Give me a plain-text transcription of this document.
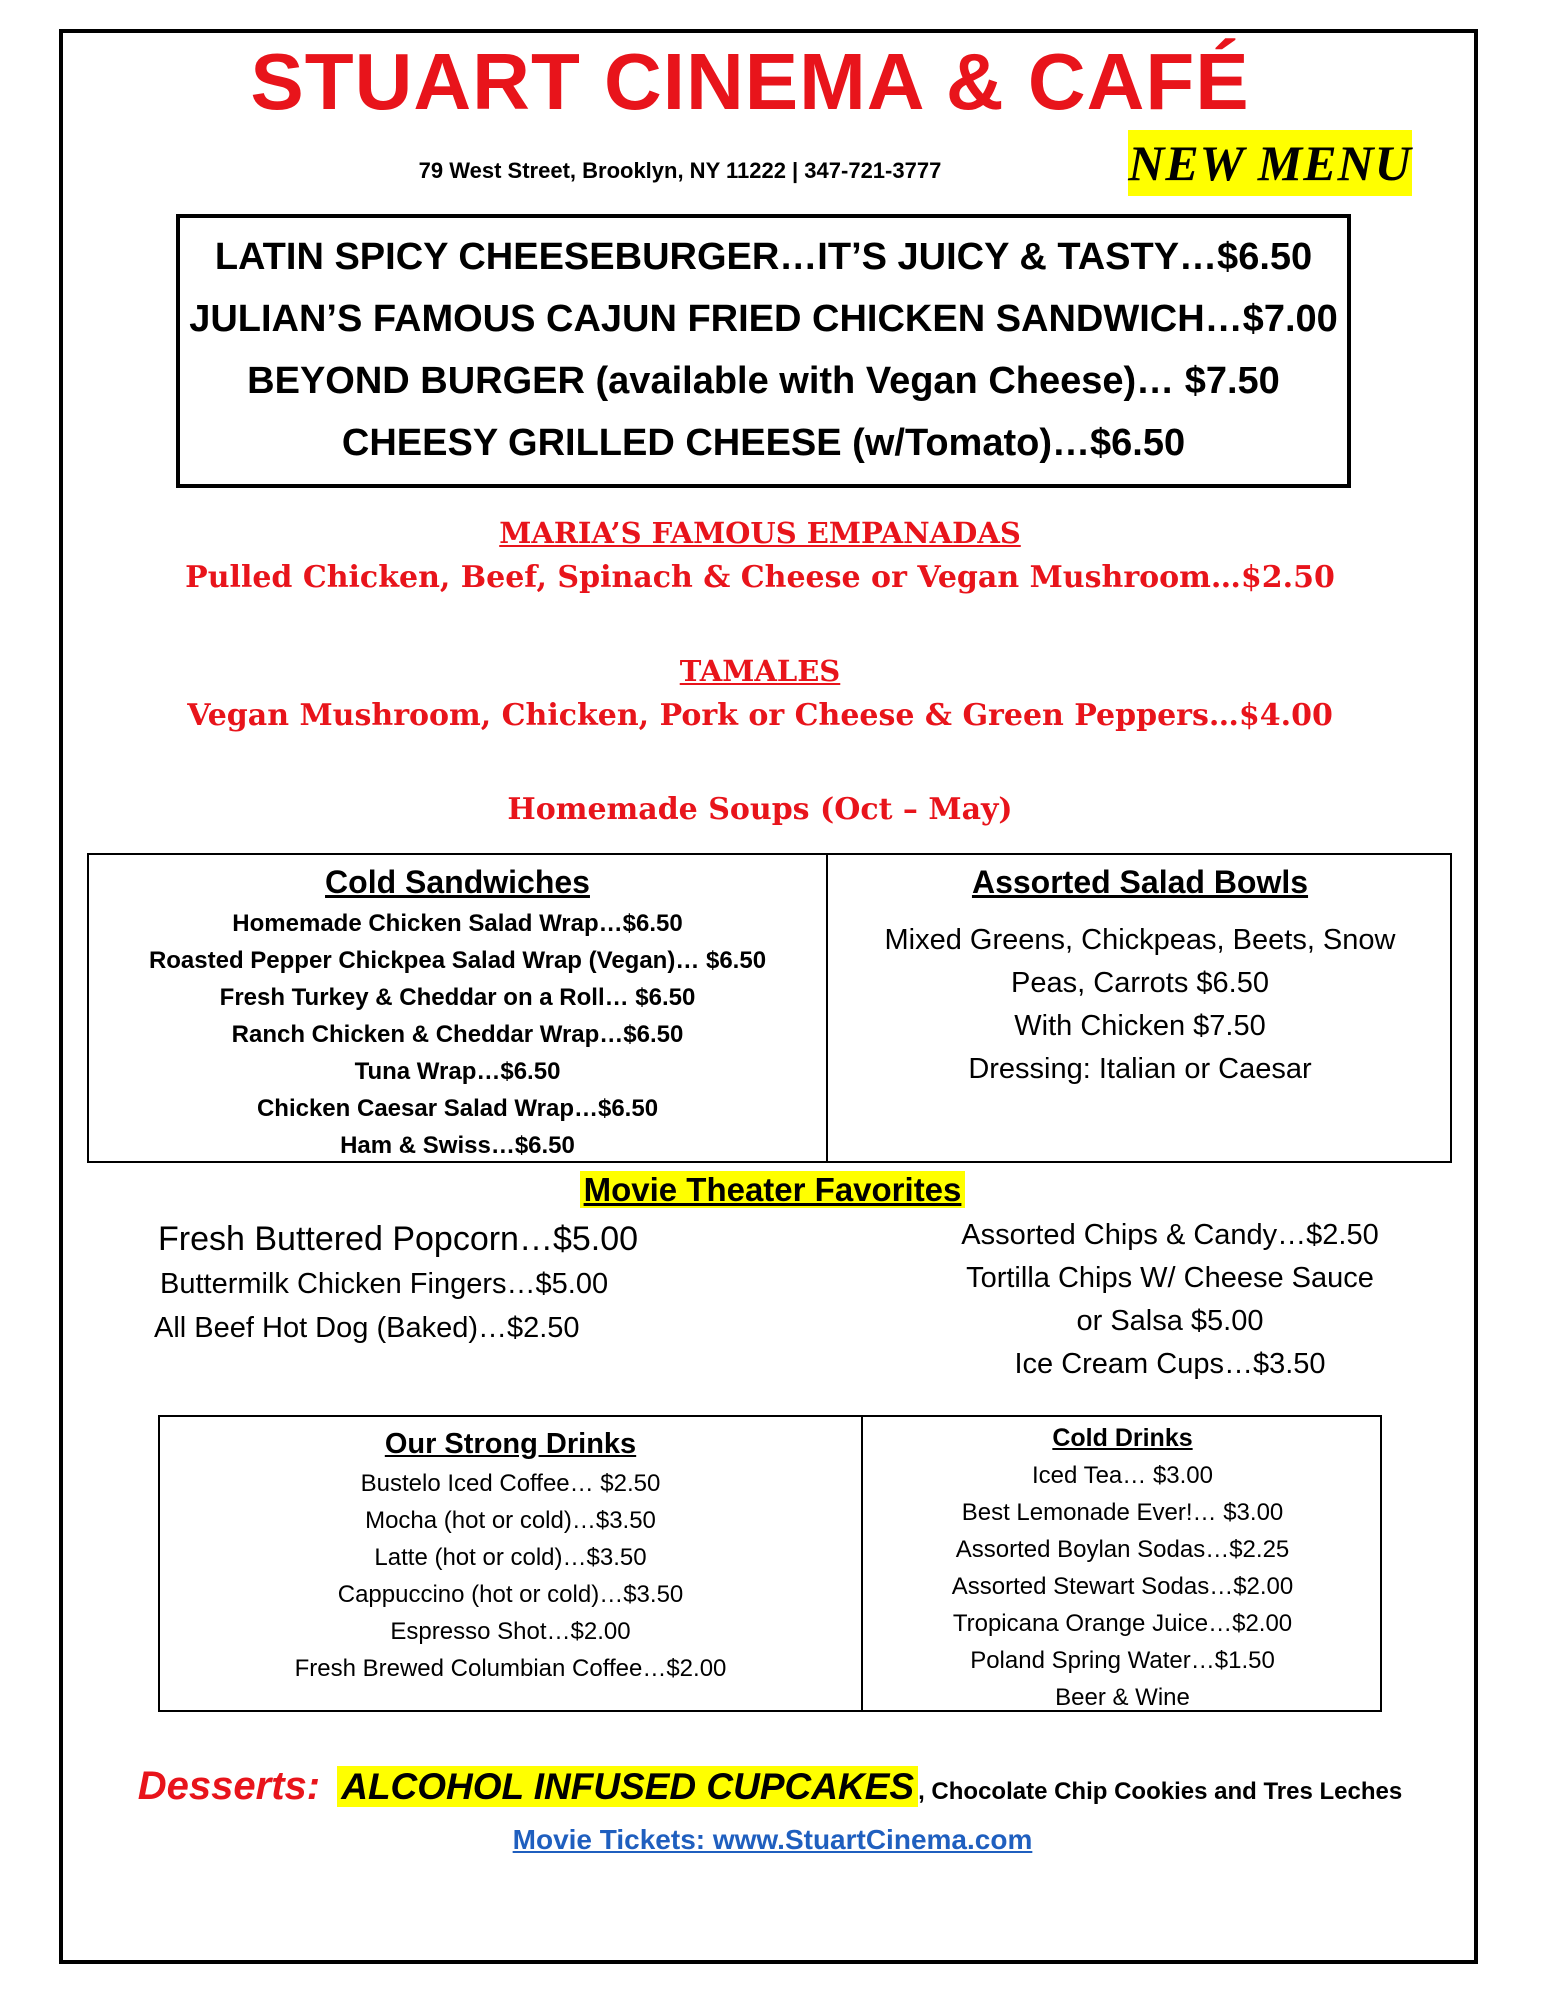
STUART CINEMA & CAFÉ
79 West Street, Brooklyn, NY 11222 | 347-721-3777	NEW MENU
LATIN SPICY CHEESEBURGER…IT’S JUICY & TASTY…$6.50
JULIAN’S FAMOUS CAJUN FRIED CHICKEN SANDWICH…$7.00
BEYOND BURGER (available with Vegan Cheese)… $7.50
CHEESY GRILLED CHEESE (w/Tomato)…$6.50
MARIA’S FAMOUS EMPANADAS
Pulled Chicken, Beef, Spinach & Cheese or Vegan Mushroom…$2.50
TAMALES
Vegan Mushroom, Chicken, Pork or Cheese & Green Peppers…$4.00
Homemade Soups (Oct – May)
Cold Sandwiches
Homemade Chicken Salad Wrap…$6.50
Roasted Pepper Chickpea Salad Wrap (Vegan)… $6.50
Fresh Turkey & Cheddar on a Roll… $6.50
Ranch Chicken & Cheddar Wrap…$6.50
Tuna Wrap…$6.50
Chicken Caesar Salad Wrap…$6.50
Ham & Swiss…$6.50
Assorted Salad Bowls
Mixed Greens, Chickpeas, Beets, Snow
Peas, Carrots $6.50
With Chicken $7.50
Dressing: Italian or Caesar
Movie Theater Favorites
Fresh Buttered Popcorn…$5.00
Buttermilk Chicken Fingers…$5.00
All Beef Hot Dog (Baked)…$2.50
Assorted Chips & Candy…$2.50
Tortilla Chips W/ Cheese Sauce
or Salsa $5.00
Ice Cream Cups…$3.50
Our Strong Drinks
Bustelo Iced Coffee… $2.50
Mocha (hot or cold)…$3.50
Latte (hot or cold)…$3.50
Cappuccino (hot or cold)…$3.50
Espresso Shot…$2.00
Fresh Brewed Columbian Coffee…$2.00
Cold Drinks
Iced Tea… $3.00
Best Lemonade Ever!… $3.00
Assorted Boylan Sodas…$2.25
Assorted Stewart Sodas…$2.00
Tropicana Orange Juice…$2.00
Poland Spring Water…$1.50
Beer & Wine
Desserts: ALCOHOL INFUSED CUPCAKES , Chocolate Chip Cookies and Tres Leches
Movie Tickets: www.StuartCinema.com
